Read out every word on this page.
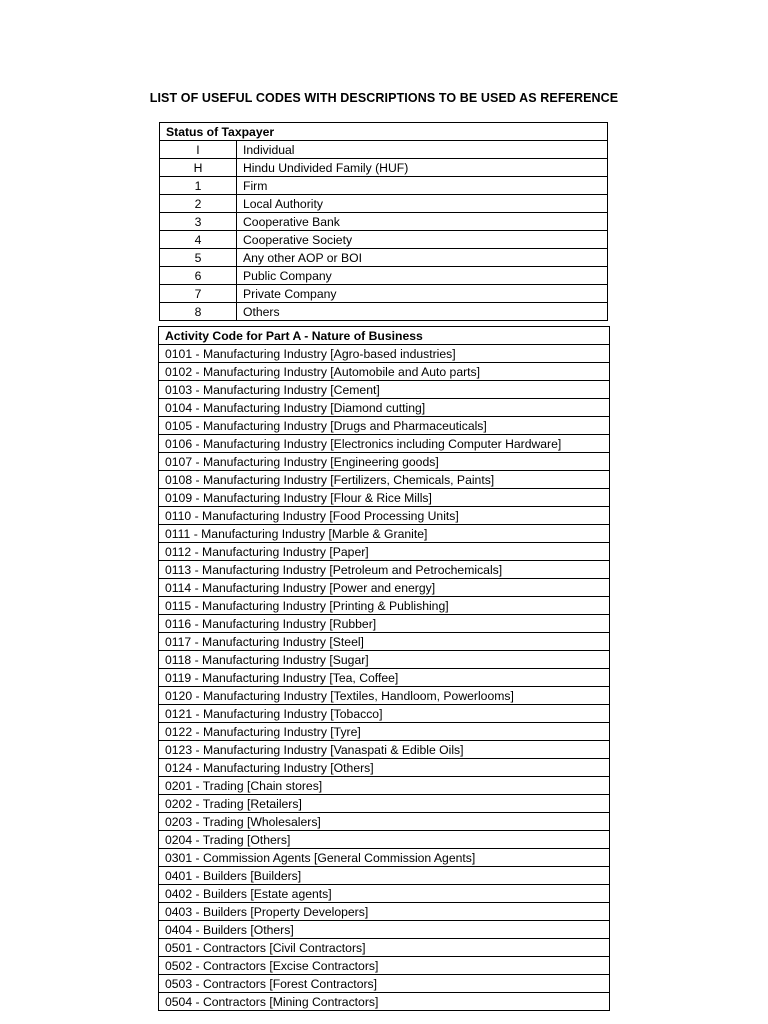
LIST OF USEFUL CODES WITH DESCRIPTIONS TO BE USED AS REFERENCE
Status of Taxpayer	
I	Individual
H	Hindu Undivided Family (HUF)
1	Firm
2	Local Authority
3	Cooperative Bank
4	Cooperative Society
5	Any other AOP or BOI
6	Public Company
7	Private Company
8	Others
Activity Code for Part A - Nature of Business
0101 - Manufacturing Industry [Agro-based industries]
0102 - Manufacturing Industry [Automobile and Auto parts]
0103 - Manufacturing Industry [Cement]
0104 - Manufacturing Industry [Diamond cutting]
0105 - Manufacturing Industry [Drugs and Pharmaceuticals]
0106 - Manufacturing Industry [Electronics including Computer Hardware]
0107 - Manufacturing Industry [Engineering goods]
0108 - Manufacturing Industry [Fertilizers, Chemicals, Paints]
0109 - Manufacturing Industry [Flour & Rice Mills]
0110 - Manufacturing Industry [Food Processing Units]
0111 - Manufacturing Industry [Marble & Granite]
0112 - Manufacturing Industry [Paper]
0113 - Manufacturing Industry [Petroleum and Petrochemicals]
0114 - Manufacturing Industry [Power and energy]
0115 - Manufacturing Industry [Printing & Publishing]
0116 - Manufacturing Industry [Rubber]
0117 - Manufacturing Industry [Steel]
0118 - Manufacturing Industry [Sugar]
0119 - Manufacturing Industry [Tea, Coffee]
0120 - Manufacturing Industry [Textiles, Handloom, Powerlooms]
0121 - Manufacturing Industry [Tobacco]
0122 - Manufacturing Industry [Tyre]
0123 - Manufacturing Industry [Vanaspati & Edible Oils]
0124 - Manufacturing Industry [Others]
0201 - Trading [Chain stores]
0202 - Trading [Retailers]
0203 - Trading [Wholesalers]
0204 - Trading [Others]
0301 - Commission Agents [General Commission Agents]
0401 - Builders [Builders]
0402 - Builders [Estate agents]
0403 - Builders [Property Developers]
0404 - Builders [Others]
0501 - Contractors [Civil Contractors]
0502 - Contractors [Excise Contractors]
0503 - Contractors [Forest Contractors]
0504 - Contractors [Mining Contractors]
